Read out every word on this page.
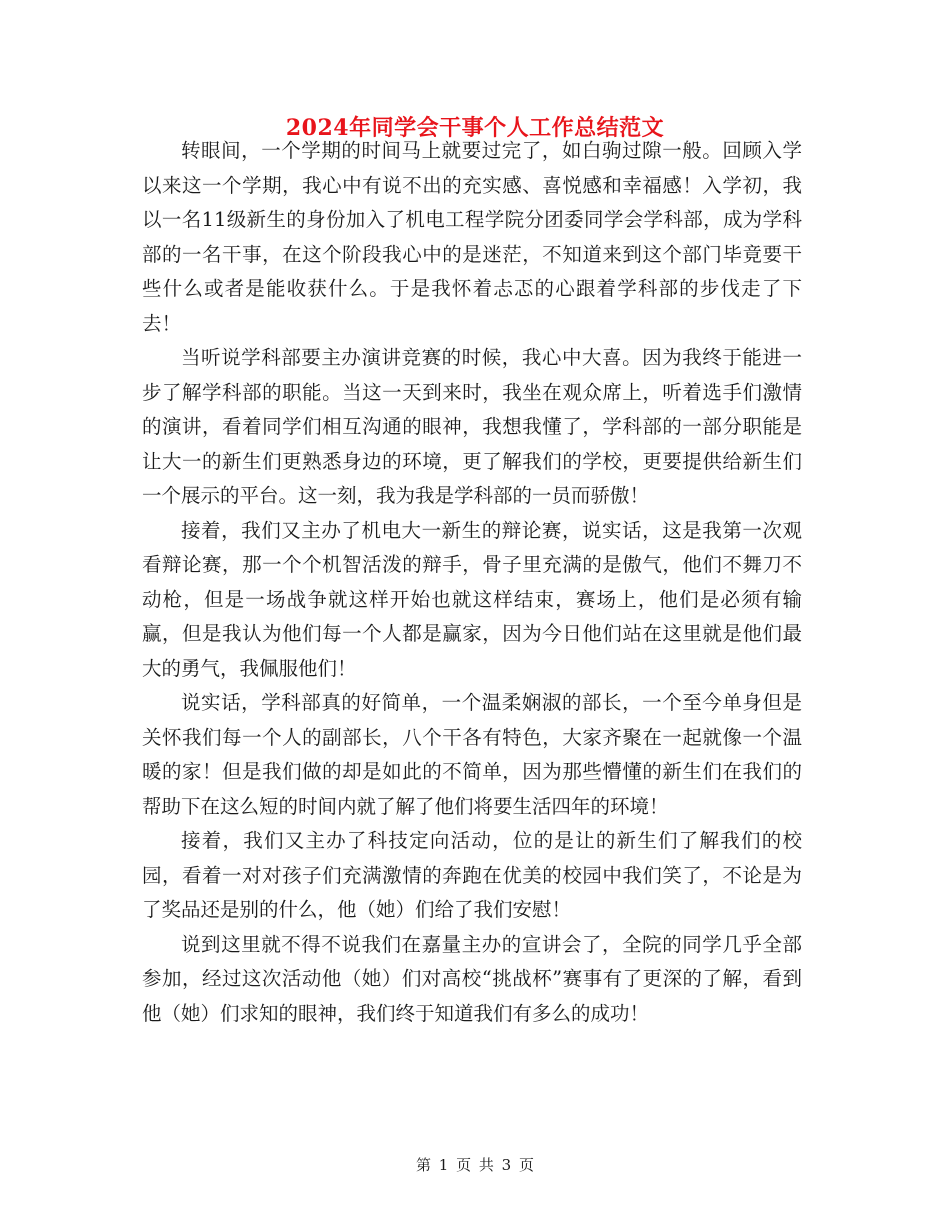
2024年同学会干事个人工作总结范文

转眼间，一个学期的时间马上就要过完了，如白驹过隙一般。回顾入学以来这一个学期，我心中有说不出的充实感、喜悦感和幸福感！入学初，我以一名11级新生的身份加入了机电工程学院分团委同学会学科部，成为学科部的一名干事，在这个阶段我心中的是迷茫，不知道来到这个部门毕竟要干些什么或者是能收获什么。于是我怀着忐忑的心跟着学科部的步伐走了下去！

当听说学科部要主办演讲竞赛的时候，我心中大喜。因为我终于能进一步了解学科部的职能。当这一天到来时，我坐在观众席上，听着选手们激情的演讲，看着同学们相互沟通的眼神，我想我懂了，学科部的一部分职能是让大一的新生们更熟悉身边的环境，更了解我们的学校，更要提供给新生们一个展示的平台。这一刻，我为我是学科部的一员而骄傲！

接着，我们又主办了机电大一新生的辩论赛，说实话，这是我第一次观看辩论赛，那一个个机智活泼的辩手，骨子里充满的是傲气，他们不舞刀不动枪，但是一场战争就这样开始也就这样结束，赛场上，他们是必须有输赢，但是我认为他们每一个人都是赢家，因为今日他们站在这里就是他们最大的勇气，我佩服他们！

说实话，学科部真的好简单，一个温柔娴淑的部长，一个至今单身但是关怀我们每一个人的副部长，八个干各有特色，大家齐聚在一起就像一个温暖的家！但是我们做的却是如此的不简单，因为那些懵懂的新生们在我们的帮助下在这么短的时间内就了解了他们将要生活四年的环境！

接着，我们又主办了科技定向活动，位的是让的新生们了解我们的校园，看着一对对孩子们充满激情的奔跑在优美的校园中我们笑了，不论是为了奖品还是别的什么，他（她）们给了我们安慰！

说到这里就不得不说我们在嘉量主办的宣讲会了，全院的同学几乎全部参加，经过这次活动他（她）们对高校“挑战杯”赛事有了更深的了解，看到他（她）们求知的眼神，我们终于知道我们有多么的成功！

第 1 页 共 3 页
